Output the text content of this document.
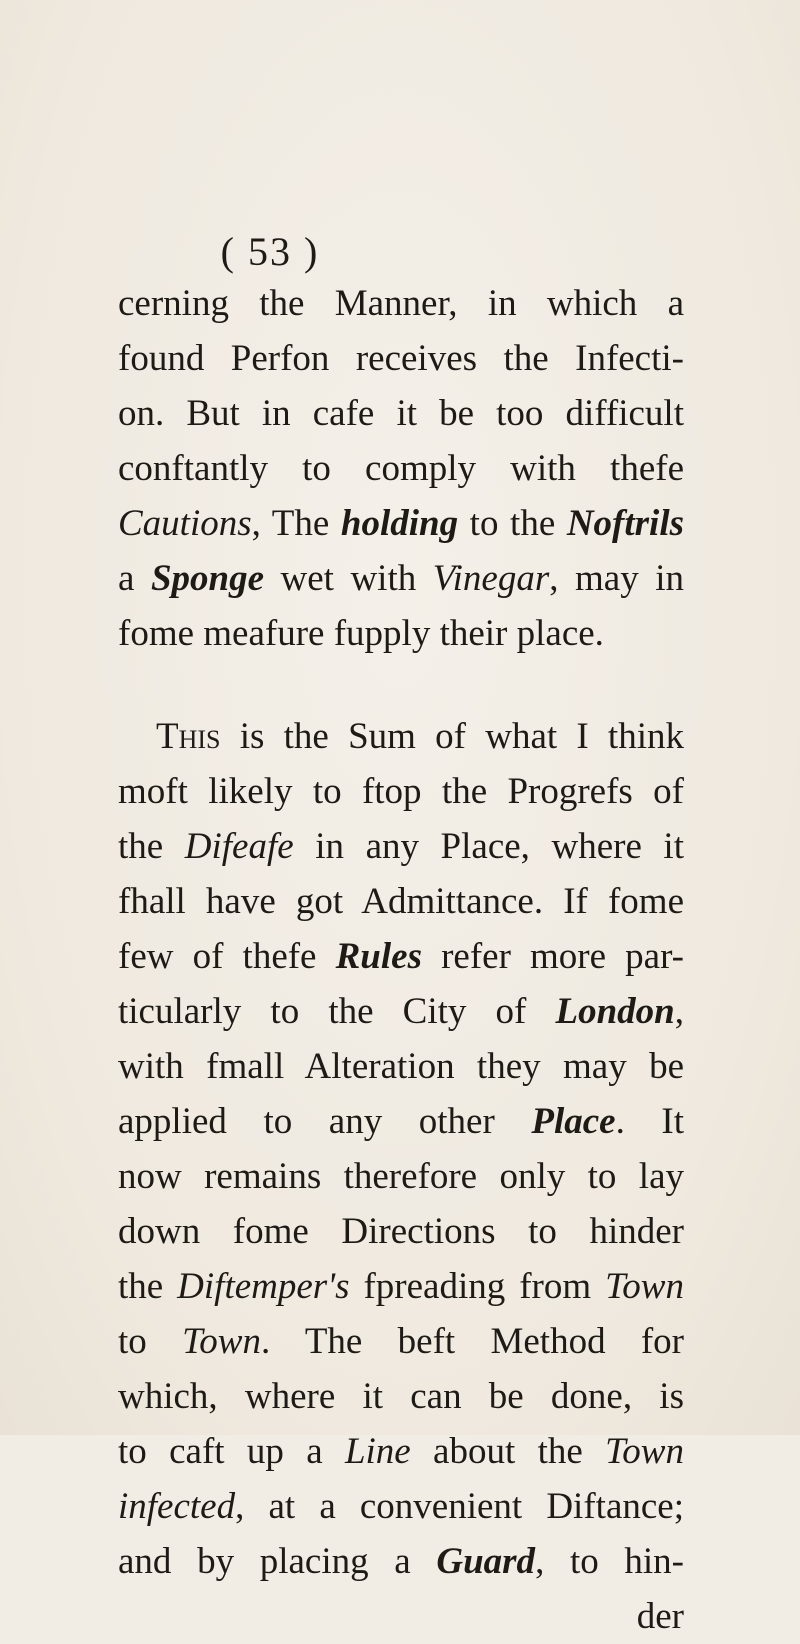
( 53 )
cerning the Manner, in which a
found Perfon receives the Infecti-
on. But in cafe it be too difficult
conftantly to comply with thefe
Cautions, The holding to the Noftrils
a Sponge wet with Vinegar, may in
fome meafure fupply their place.
This is the Sum of what I think
moft likely to ftop the Progrefs of
the Difeafe in any Place, where it
fhall have got Admittance. If fome
few of thefe Rules refer more par-
ticularly to the City of London,
with fmall Alteration they may be
applied to any other Place. It
now remains therefore only to lay
down fome Directions to hinder
the Diftemper's fpreading from Town
to Town. The beft Method for
which, where it can be done, is
to caft up a Line about the Town
infected, at a convenient Diftance;
and by placing a Guard, to hin-
der
